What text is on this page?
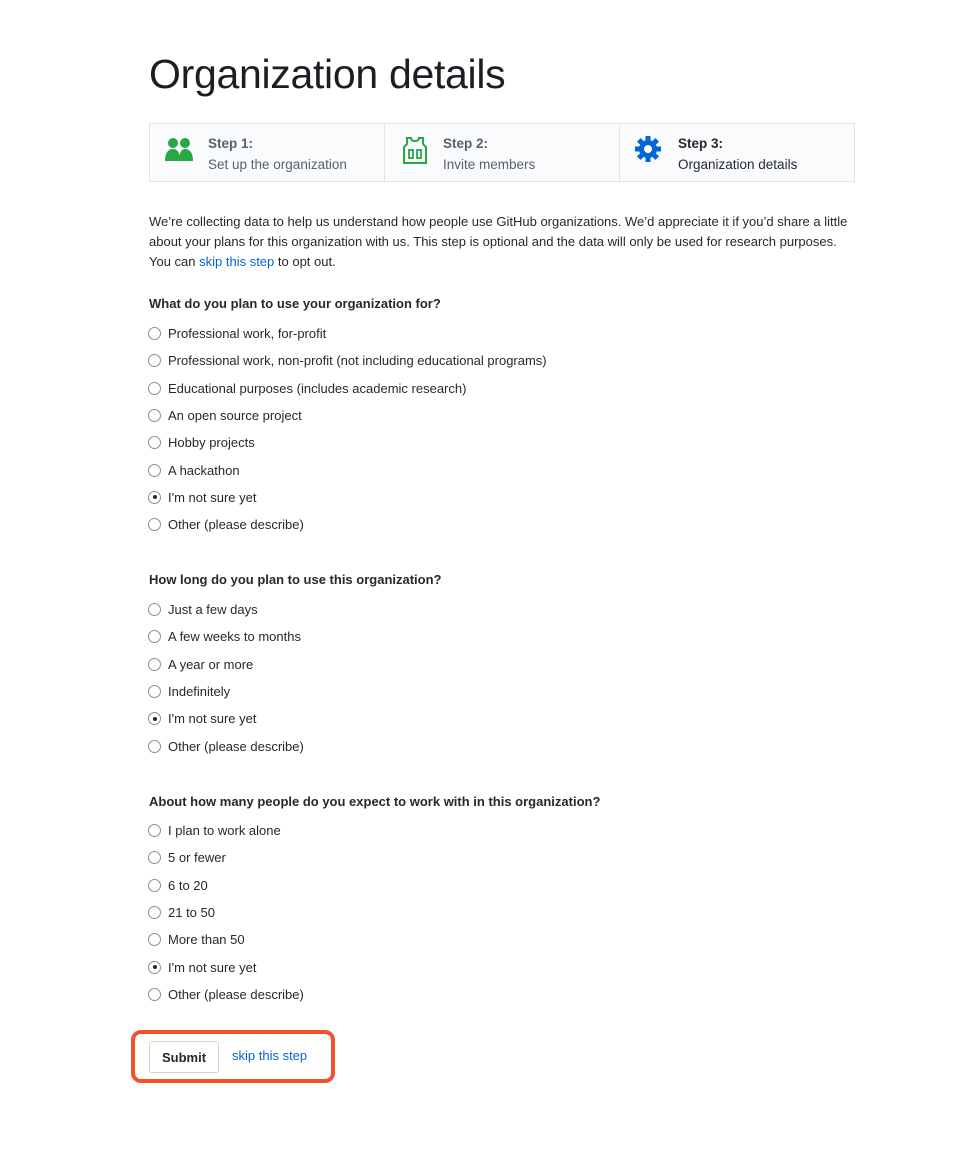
Organization details
Step 1:
Set up the organization
Step 2:
Invite members
Step 3:
Organization details

We’re collecting data to help us understand how people use GitHub organizations. We’d appreciate it if you’d share a little about your plans for this organization with us. This step is optional and the data will only be used for research purposes. You can skip this step to opt out.

What do you plan to use your organization for?

Professional work, for-profit
Professional work, non-profit (not including educational programs)
Educational purposes (includes academic research)
An open source project
Hobby projects
A hackathon
I'm not sure yet
Other (please describe)

How long do you plan to use this organization?

Just a few days
A few weeks to months
A year or more
Indefinitely
I'm not sure yet
Other (please describe)

About how many people do you expect to work with in this organization?

I plan to work alone
5 or fewer
6 to 20
21 to 50
More than 50
I'm not sure yet
Other (please describe)
Submit	skip this step
